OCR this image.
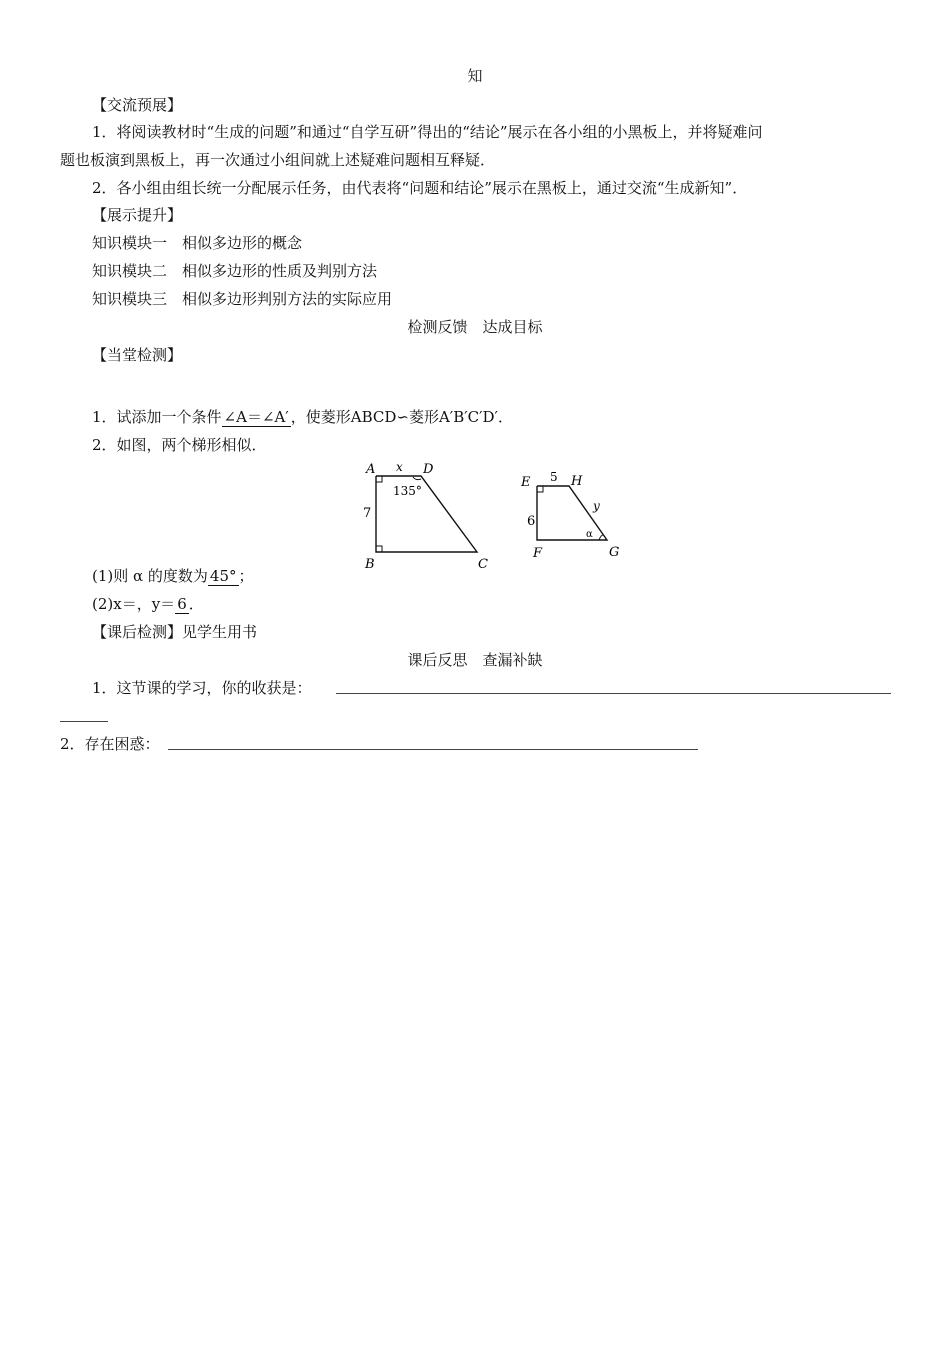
知
【交流预展】
1．将阅读教材时“生成的问题”和通过“自学互研”得出的“结论”展示在各小组的小黑板上，并将疑难问
题也板演到黑板上，再一次通过小组间就上述疑难问题相互释疑．
2．各小组由组长统一分配展示任务，由代表将“问题和结论”展示在黑板上，通过交流“生成新知”．
【展示提升】
知识模块一　相似多边形的概念
知识模块二　相似多边形的性质及判别方法
知识模块三　相似多边形判别方法的实际应用
检测反馈　达成目标
【当堂检测】
1．试添加一个条件 ∠A＝∠A′ ，使菱形ABCD∽菱形A′B′C′D′．
2．如图，两个梯形相似．
A	D
x
135°
7
B	C
E	H
5
6
y
α
F	G
(1)则 α 的度数为 45° ；
(2)x＝，y＝ 6 ．
【课后检测】见学生用书
课后反思　查漏补缺
1．这节课的学习，你的收获是：
2．存在困惑：
